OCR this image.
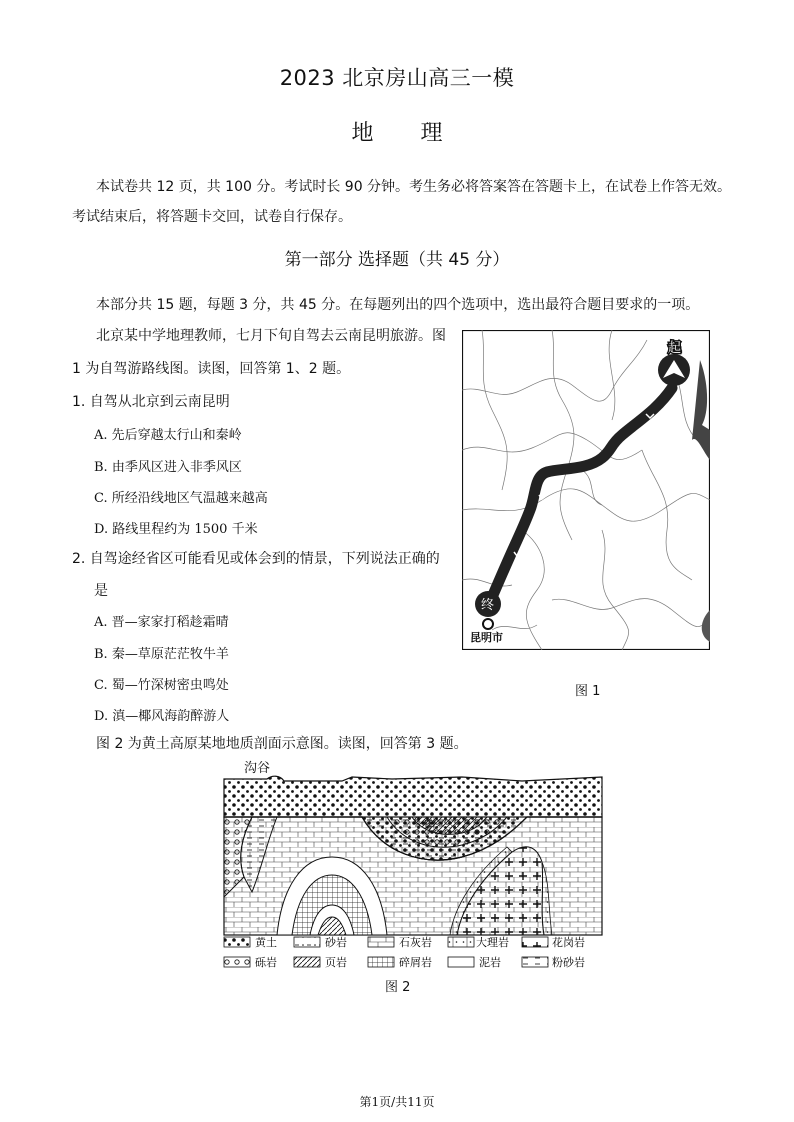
2023 北京房山高三一模
地 理
本试卷共 12 页，共 100 分。考试时长 90 分钟。考生务必将答案答在答题卡上，在试卷上作答无效。
考试结束后，将答题卡交回，试卷自行保存。
第一部分 选择题（共 45 分）
本部分共 15 题，每题 3 分，共 45 分。在每题列出的四个选项中，选出最符合题目要求的一项。
北京某中学地理教师，七月下旬自驾去云南昆明旅游。图
1 为自驾游路线图。读图，回答第 1、2 题。
1. 自驾从北京到云南昆明
A. 先后穿越太行山和秦岭
B. 由季风区进入非季风区
C. 所经沿线地区气温越来越高
D. 路线里程约为 1500 千米
2. 自驾途经省区可能看见或体会到的情景，下列说法正确的
是
A. 晋—家家打稻趁霜晴
B. 秦—草原茫茫牧牛羊
C. 蜀—竹深树密虫鸣处
D. 滇—椰风海韵醉游人
起
终
昆明市
图 1
图 2 为黄土高原某地地质剖面示意图。读图，回答第 3 题。
沟谷
甲
黄土	砂岩	石灰岩	大理岩	花岗岩
砾岩	页岩	碎屑岩	泥岩	粉砂岩
图 2
第1页/共11页
